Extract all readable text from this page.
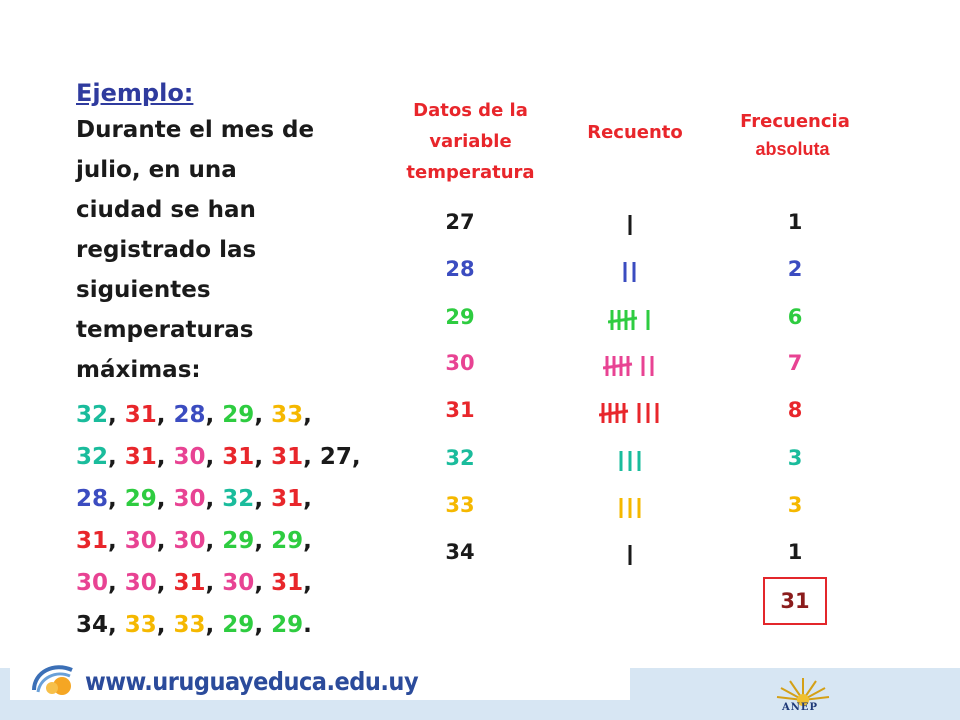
Ejemplo:
Durante el mes de
julio, en una
ciudad se han
registrado las
siguientes
temperaturas
máximas:
32, 31, 28, 29, 33,
32, 31, 30, 31, 31, 27,
28, 29, 30, 32, 31,
31, 30, 30, 29, 29,
30, 30, 31, 30, 31,
34, 33, 33, 29, 29.
Datos de la
variable
temperatura
Recuento
Frecuencia
absoluta
27	1
28	2
29	6
30	7
31	8
32	3
33	3
34	1
31
www.uruguayeduca.edu.uy
ANEP
